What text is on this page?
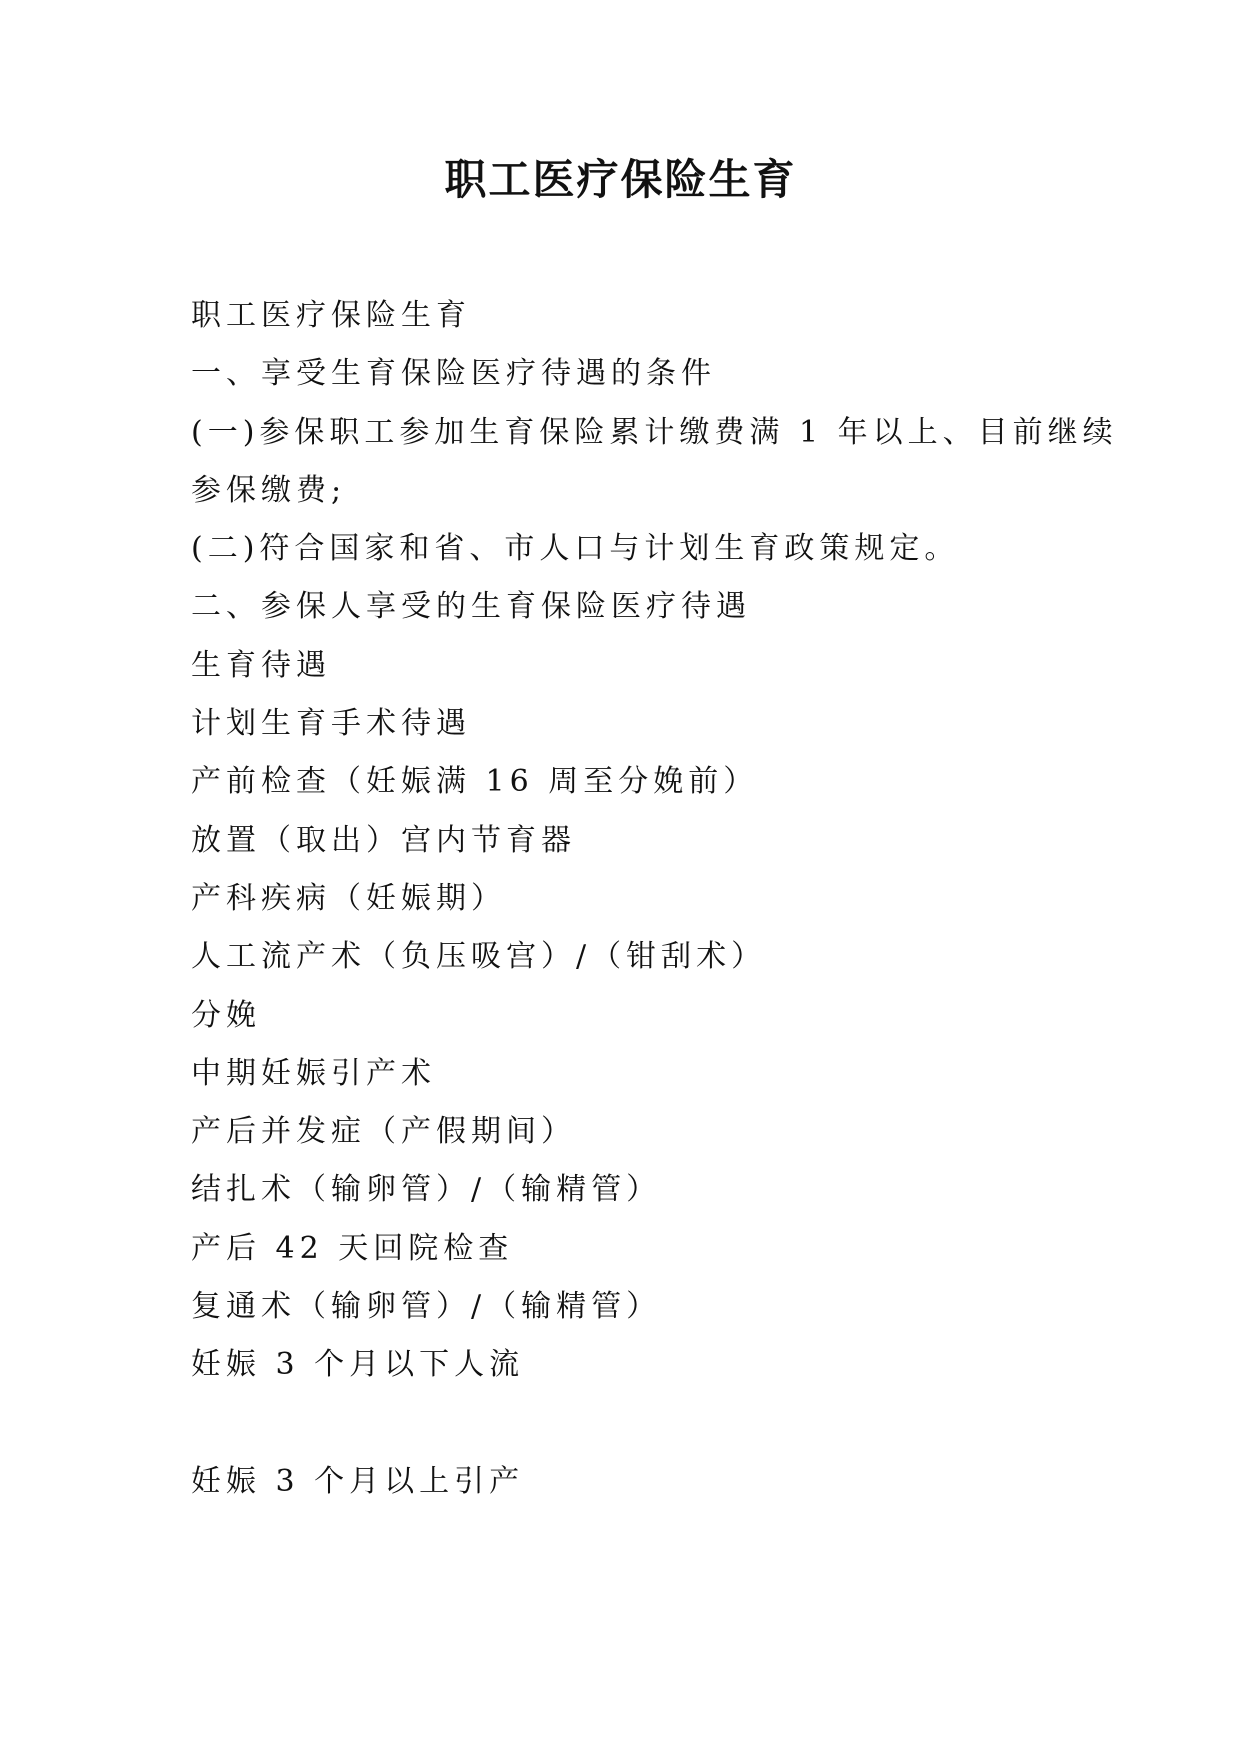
职工医疗保险生育
职工医疗保险生育
一、享受生育保险医疗待遇的条件
(一)参保职工参加生育保险累计缴费满 1 年以上、目前继续
参保缴费;
(二)符合国家和省、市人口与计划生育政策规定。
二、参保人享受的生育保险医疗待遇
生育待遇
计划生育手术待遇
产前检查（妊娠满 16 周至分娩前）
放置（取出）宫内节育器
产科疾病（妊娠期）
人工流产术（负压吸宫）/（钳刮术）
分娩
中期妊娠引产术
产后并发症（产假期间）
结扎术（输卵管）/（输精管）
产后 42 天回院检查
复通术（输卵管）/（输精管）
妊娠 3 个月以下人流
妊娠 3 个月以上引产
